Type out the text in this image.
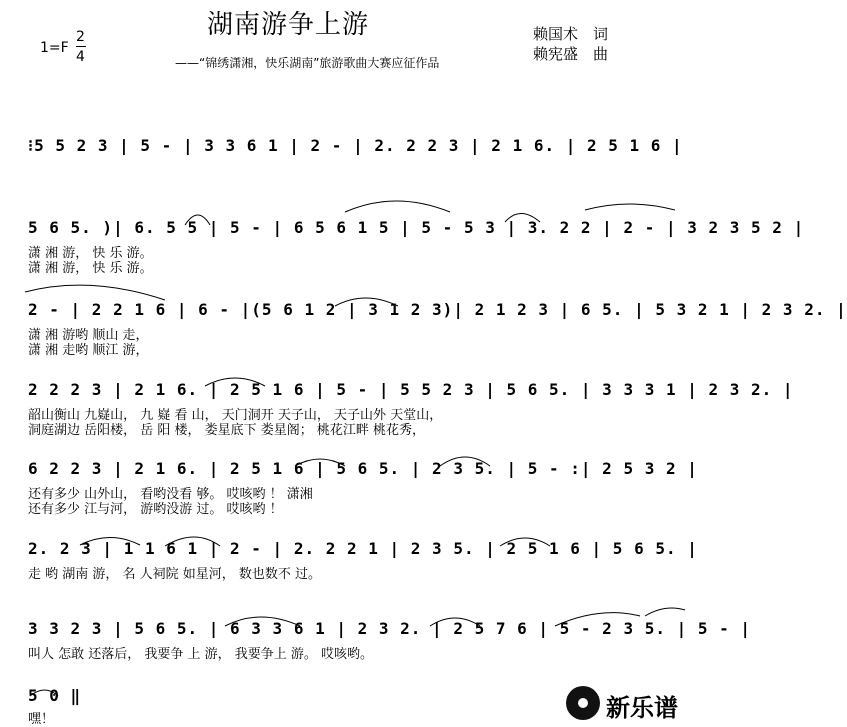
湖南游争上游
1=F
2
4	——“锦绣潇湘，快乐湖南”旅游歌曲大赛应征作品
赖国术　词
赖宪盛　曲
⁝5 5 2 3 | 5 - | 3 3 6 1 | 2 - | 2. 2 2 3 | 2 1 6. | 2 5 1 6 |
5 6 5. )| 6. 5 5 | 5 - | 6 5 6 1 5 | 5 - 5 3 | 3. 2 2 | 2 - | 3 2 3 5 2 |
潇 湘 游， 快 乐 游。
潇 湘 游， 快 乐 游。
2 - | 2 2 1 6 | 6 - |(5 6 1 2 | 3 1 2 3)| 2 1 2 3 | 6 5. | 5 3 2 1 | 2 3 2. |
潇 湘 游哟 顺山 走，
潇 湘 走哟 顺江 游，
2 2 2 3 | 2 1 6. | 2 5 1 6 | 5 - | 5 5 2 3 | 5 6 5. | 3 3 3 1 | 2 3 2. |
韶山衡山 九嶷山， 九 嶷 看 山， 天门洞开 天子山， 天子山外 天堂山，
洞庭湖边 岳阳楼， 岳 阳 楼， 娄星底下 娄星阁； 桃花江畔 桃花秀，
6 2 2 3 | 2 1 6. | 2 5 1 6 | 5 6 5. | 2 3 5. | 5 - :| 2 5 3 2 |
还有多少 山外山， 看哟没看 够。 哎咳哟 ！ 潇湘
还有多少 江与河， 游哟没游 过。 哎咳哟 ！
2. 2 3 | 1 1 6 1 | 2 - | 2. 2 2 1 | 2 3 5. | 2 5 1 6 | 5 6 5. |
走 哟 湖南 游， 名 人祠院 如星河， 数也数不 过。
3 3 2 3 | 5 6 5. | 6 3 3 6 1 | 2 3 2. | 2 5 7 6 | 5 - 2 3 5. | 5 - |
叫人 怎敢 还落后， 我要争 上 游， 我要争上 游。 哎咳哟。
5 0 ‖
嘿！	新乐谱
